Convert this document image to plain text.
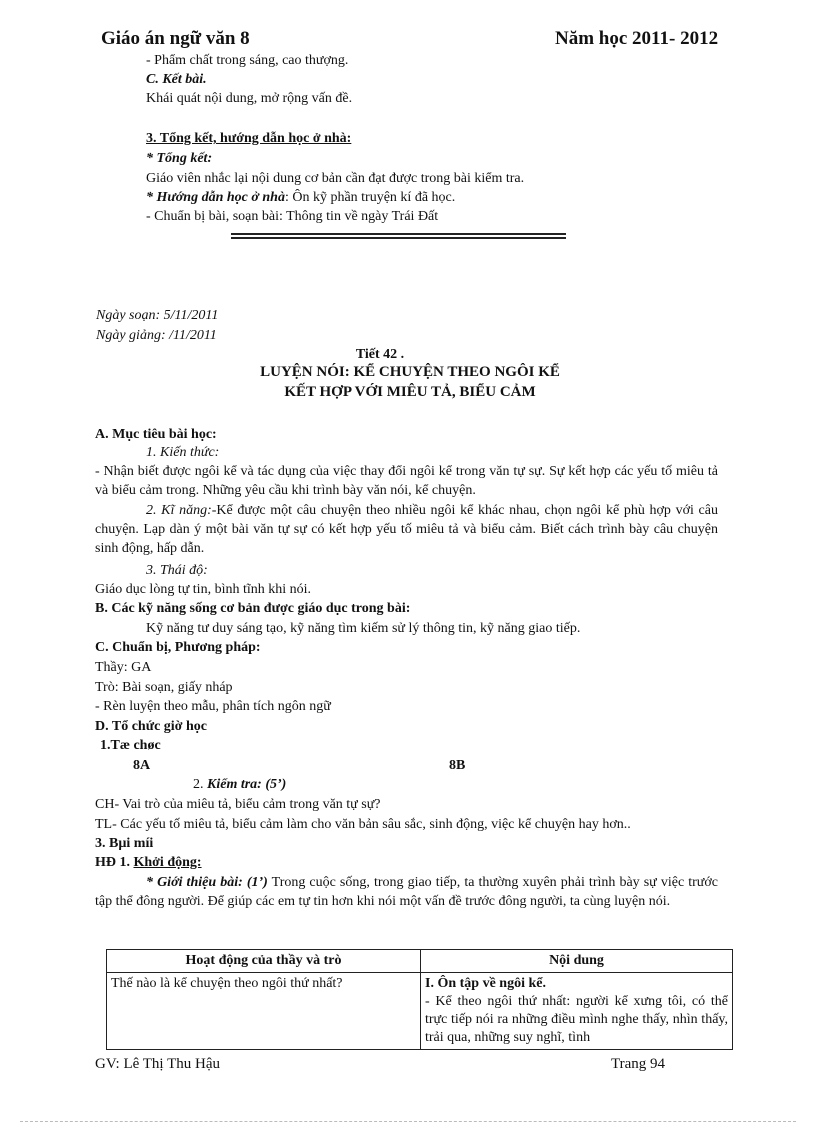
Giáo án ngữ văn 8	Năm học 2011- 2012
- Phẩm chất trong sáng, cao thượng.
C. Kết bài.
Khái quát nội dung, mở rộng vấn đề.
3. Tổng kết, hướng dẫn học ở nhà:
* Tổng kết:
Giáo viên nhắc lại nội dung cơ bản cần đạt được trong bài kiểm tra.
* Hướng dẫn học ở nhà: Ôn kỹ phần truyện kí đã học.
- Chuẩn bị bài, soạn bài: Thông tin về ngày Trái Đất
Ngày soạn: 5/11/2011
Ngày giảng: /11/2011
Tiết 42 .
LUYỆN NÓI: KỂ CHUYỆN THEO NGÔI KỂ
KẾT HỢP VỚI MIÊU TẢ, BIỂU CẢM
A. Mục tiêu bài học:
1. Kiến thức:
- Nhận biết được ngôi kể và tác dụng của việc thay đổi ngôi kể trong văn tự sự. Sự kết hợp các yếu tố miêu tả và biểu cảm trong. Những yêu cầu khi trình bày văn nói, kể chuyện.
2. Kĩ năng:-Kể được một câu chuyện theo nhiều ngôi kể khác nhau, chọn ngôi kể phù hợp với câu chuyện. Lạp dàn ý một bài văn tự sự có kết hợp yếu tố miêu tả và biểu cảm. Biết cách trình bày câu chuyện sinh động, hấp dẫn.
3. Thái độ:
Giáo dục lòng tự tin, bình tĩnh khi nói.
B. Các kỹ năng sống cơ bản được giáo dục trong bài:
Kỹ năng tư duy sáng tạo, kỹ năng tìm kiếm sử lý thông tin, kỹ năng giao tiếp.
C. Chuẩn bị, Phương pháp:
Thầy: GA
Trò: Bài soạn, giấy nháp
- Rèn luyện theo mẫu, phân tích ngôn ngữ
D. Tổ chức giờ học
1.Tæ chøc
8A	8B
2. Kiểm tra: (5’)
CH- Vai trò của miêu tả, biểu cảm trong văn tự sự?
TL- Các yếu tố miêu tả, biểu cảm làm cho văn bản sâu sắc, sinh động, việc kể chuyện hay hơn..
3. Bµi míi
HĐ 1. Khởi động:
* Giới thiệu bài: (1’) Trong cuộc sống, trong giao tiếp, ta thường xuyên phải trình bày sự việc trước tập thể đông người. Để giúp các em tự tin hơn khi nói một vấn đề trước đông người, ta cùng luyện nói.
Hoạt động của thầy và trò	Nội dung
Thế nào là kể chuyện theo ngôi thứ nhất?	I. Ôn tập về ngôi kể.
- Kể theo ngôi thứ nhất: người kể xưng tôi, có thể trực tiếp nói ra những điều mình nghe thấy, nhìn thấy, trải qua, những suy nghĩ, tình
GV: Lê Thị Thu Hậu	Trang 94
